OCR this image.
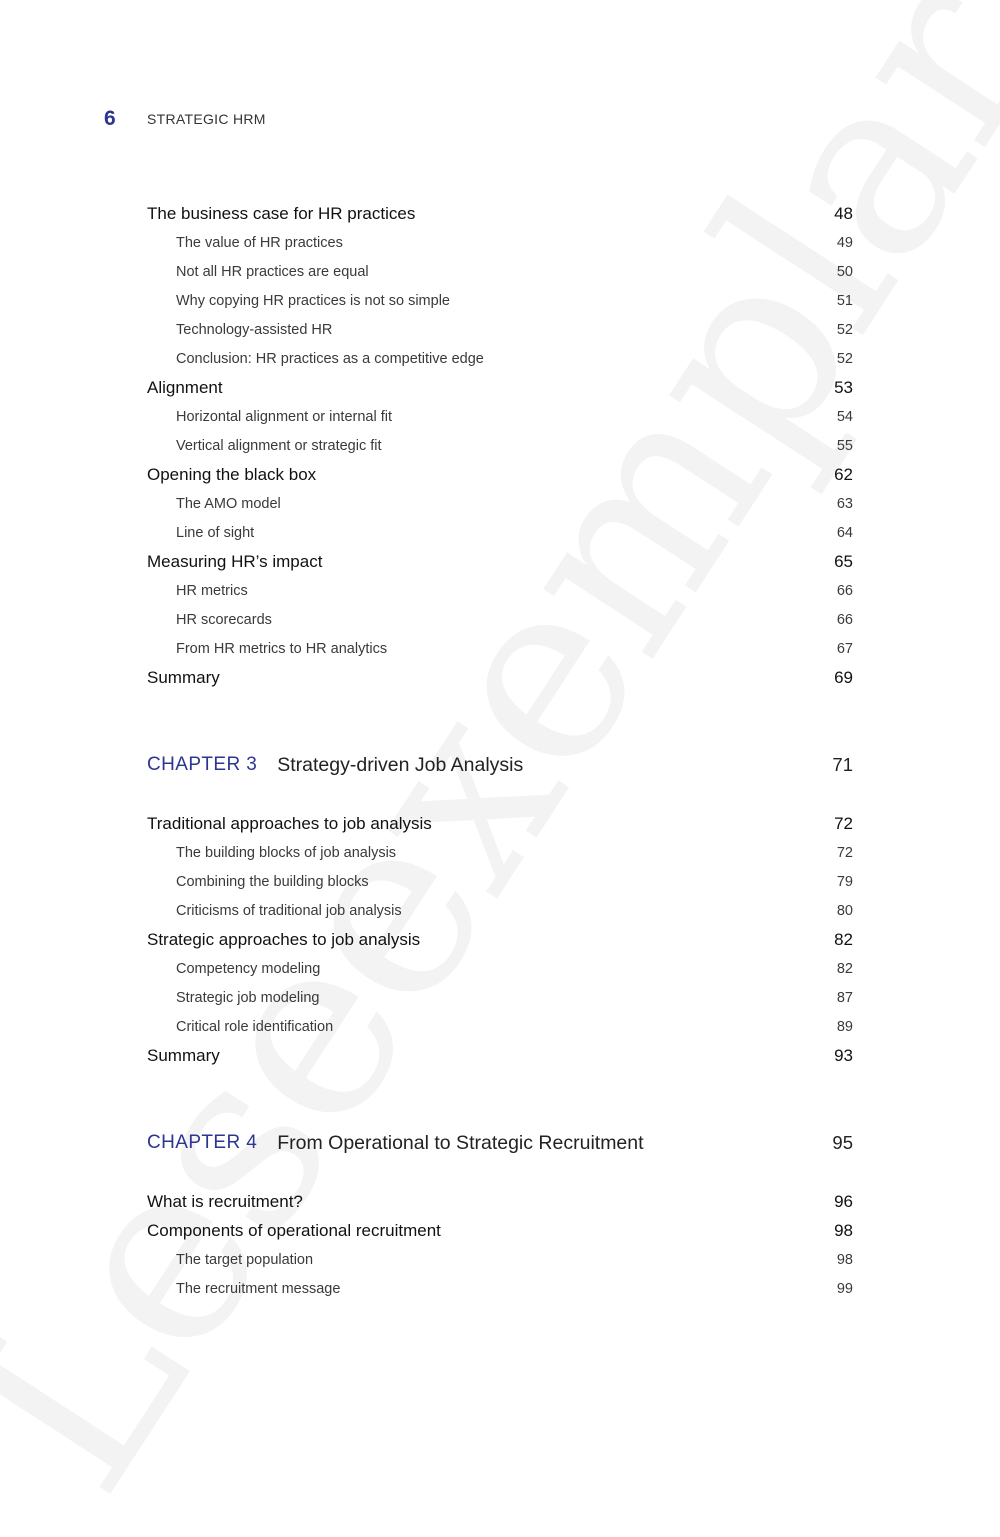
6 STRATEGIC HRM
The business case for HR practices	48
The value of HR practices	49
Not all HR practices are equal	50
Why copying HR practices is not so simple	51
Technology-assisted HR	52
Conclusion: HR practices as a competitive edge	52
Alignment	53
Horizontal alignment or internal fit	54
Vertical alignment or strategic fit	55
Opening the black box	62
The AMO model	63
Line of sight	64
Measuring HR’s impact	65
HR metrics	66
HR scorecards	66
From HR metrics to HR analytics	67
Summary	69
CHAPTER 3 Strategy-driven Job Analysis	71
Traditional approaches to job analysis	72
The building blocks of job analysis	72
Combining the building blocks	79
Criticisms of traditional job analysis	80
Strategic approaches to job analysis	82
Competency modeling	82
Strategic job modeling	87
Critical role identification	89
Summary	93
CHAPTER 4 From Operational to Strategic Recruitment	95
What is recruitment?	96
Components of operational recruitment	98
The target population	98
The recruitment message	99
